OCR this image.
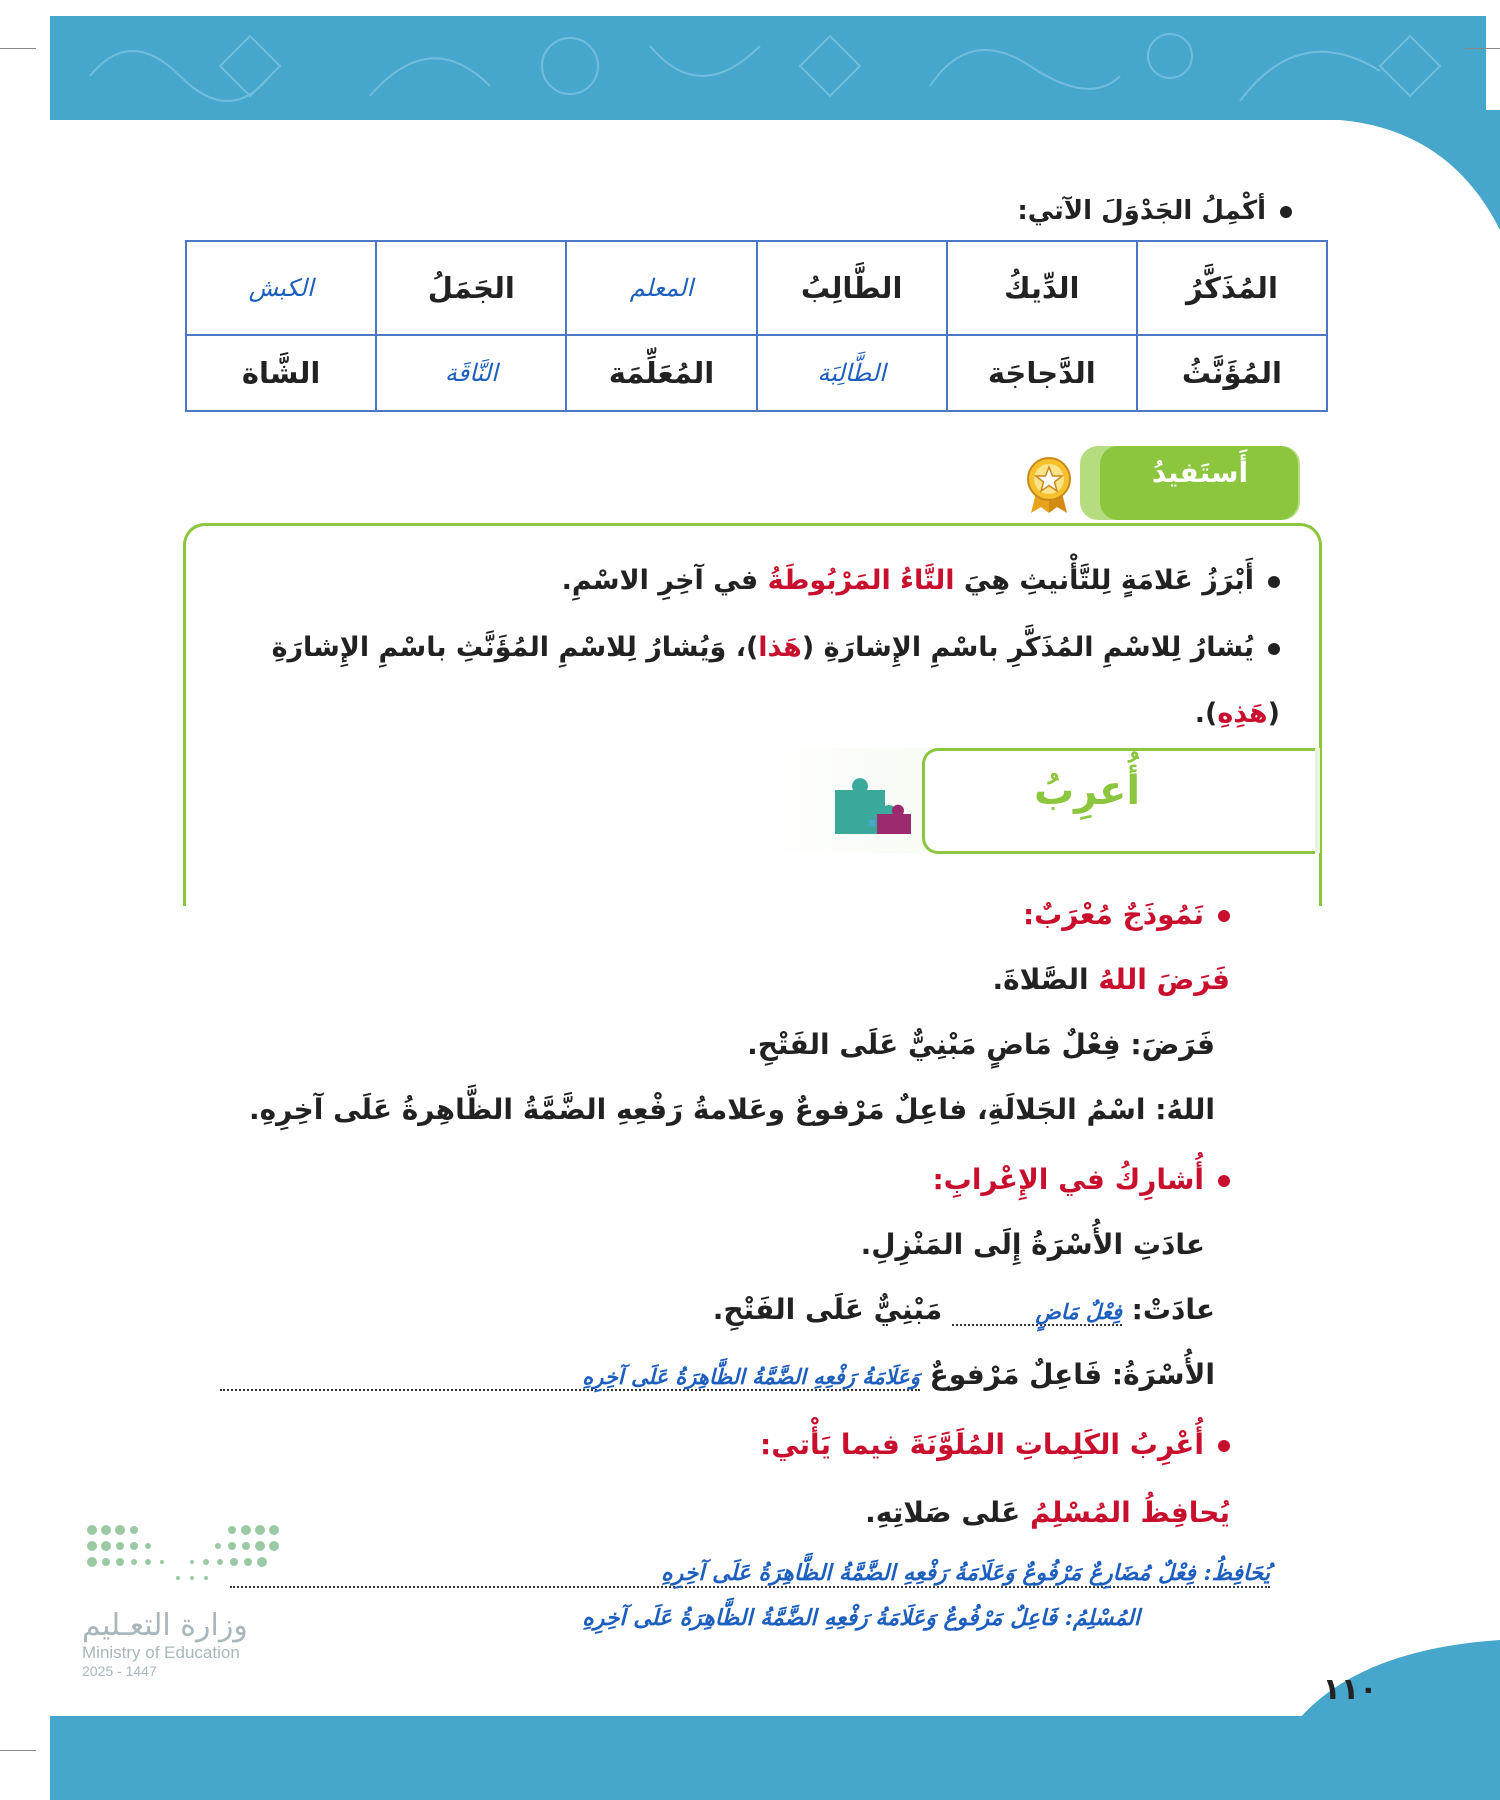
أكْمِلُ الجَدْوَلَ الآتي:
المُذَكَّرُ	الدِّيكُ	الطَّالِبُ	المعلم	الجَمَلُ	الكبش
المُؤَنَّثُ	الدَّجاجَة	الطَّالِبَة	المُعَلِّمَة	النَّاقَة	الشَّاة
أَستَفيدُ
أَبْرَزُ عَلامَةٍ لِلتَّأْنيثِ هِيَ التَّاءُ المَرْبُوطَةُ في آخِرِ الاسْمِ.
يُشارُ لِلاسْمِ المُذَكَّرِ باسْمِ الإِشارَةِ (هَذا)، وَيُشارُ لِلاسْمِ المُؤَنَّثِ باسْمِ الإِشارَةِ
(هَذِهِ).
أُعرِبُ
نَمُوذَجٌ مُعْرَبٌ:
فَرَضَ اللهُ الصَّلاةَ.
فَرَضَ: فِعْلٌ مَاضٍ مَبْنِيٌّ عَلَى الفَتْحِ.
اللهُ: اسْمُ الجَلالَةِ، فاعِلٌ مَرْفوعٌ وعَلامةُ رَفْعِهِ الضَّمَّةُ الظَّاهِرةُ عَلَى آخِرِهِ.
أُشارِكُ في الإِعْرابِ:
عادَتِ الأُسْرَةُ إِلَى المَنْزِلِ.
عادَتْ: فِعْلٌ مَاضٍ مَبْنِيٌّ عَلَى الفَتْحِ.
الأُسْرَةُ: فَاعِلٌ مَرْفوعٌ وَعَلَامَةُ رَفْعِهِ الضَّمَّةُ الظَّاهِرَةُ عَلَى آخِرِهِ
أُعْرِبُ الكَلِماتِ المُلَوَّنَةَ فيما يَأْتي:
يُحافِظُ المُسْلِمُ عَلى صَلاتِهِ.
يُحَافِظُ: فِعْلٌ مُضَارِعٌ مَرْفُوعٌ وَعَلَامَةُ رَفْعِهِ الضَّمَّةُ الظَّاهِرَةُ عَلَى آخِرِهِ
المُسْلِمُ: فَاعِلٌ مَرْفُوعٌ وَعَلَامَةُ رَفْعِهِ الضَّمَّةُ الظَّاهِرَةُ عَلَى آخِرِهِ
وزارة التعـليم
Ministry of Education
2025 - 1447
١١٠
